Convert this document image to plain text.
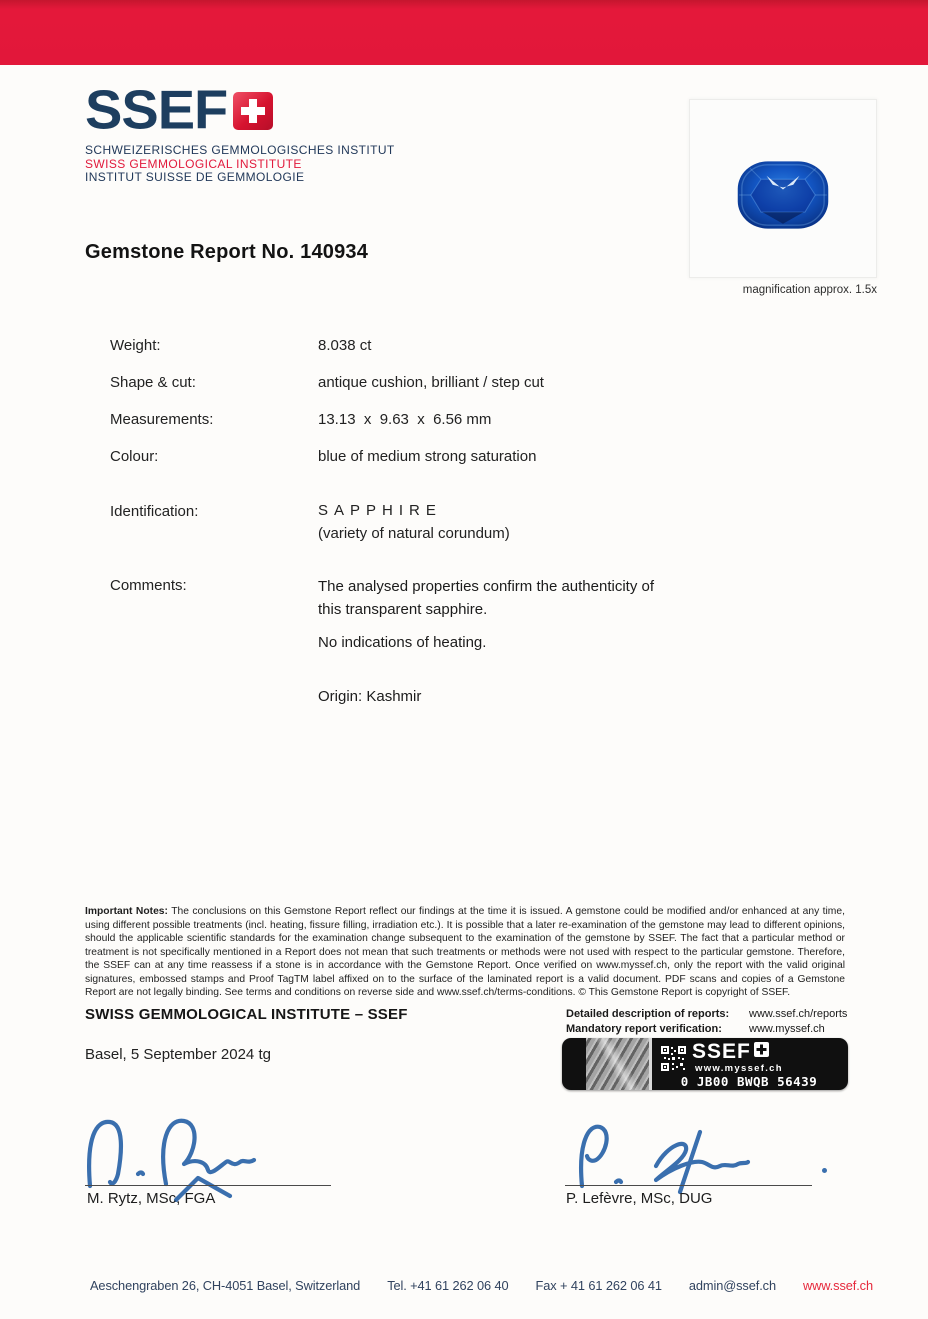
SSEF
SCHWEIZERISCHES GEMMOLOGISCHES INSTITUT
SWISS GEMMOLOGICAL INSTITUTE
INSTITUT SUISSE DE GEMMOLOGIE
Gemstone Report No. 140934
magnification approx. 1.5x
Weight:	8.038 ct
Shape & cut:	antique cushion, brilliant / step cut
Measurements:	13.13  x  9.63  x  6.56 mm
Colour:	blue of medium strong saturation
Identification:	SAPPHIRE
(variety of natural corundum)
Comments:	The analysed properties confirm the authenticity of this transparent sapphire.

No indications of heating.

Origin: Kashmir

Important Notes: The conclusions on this Gemstone Report reflect our findings at the time it is issued. A gemstone could be modified and/or enhanced at any time, using different possible treatments (incl. heating, fissure filling, irradiation etc.). It is possible that a later re-examination of the gemstone may lead to different opinions, should the applicable scientific standards for the examination change subsequent to the examination of the gemstone by SSEF. The fact that a particular method or treatment is not specifically mentioned in a Report does not mean that such treatments or methods were not used with respect to the particular gemstone. Therefore, the SSEF can at any time reassess if a stone is in accordance with the Gemstone Report. Once verified on www.myssef.ch, only the report with the valid original signatures, embossed stamps and Proof TagTM label affixed on to the surface of the laminated report is a valid document. PDF scans and copies of a Gemstone Report are not legally binding. See terms and conditions on reverse side and www.ssef.ch/terms-conditions. © This Gemstone Report is copyright of SSEF.
SWISS GEMMOLOGICAL INSTITUTE – SSEF
Basel, 5 September 2024 tg
Detailed description of reports:	www.ssef.ch/reports
Mandatory report verification:	www.myssef.ch
SSEF
www.myssef.ch
0 JB00 BWQB 56439
M. Rytz, MSc, FGA	P. Lefèvre, MSc, DUG
Aeschengraben 26, CH-4051 Basel, Switzerland Tel. +41 61 262 06 40 Fax + 41 61 262 06 41 admin@ssef.ch www.ssef.ch
